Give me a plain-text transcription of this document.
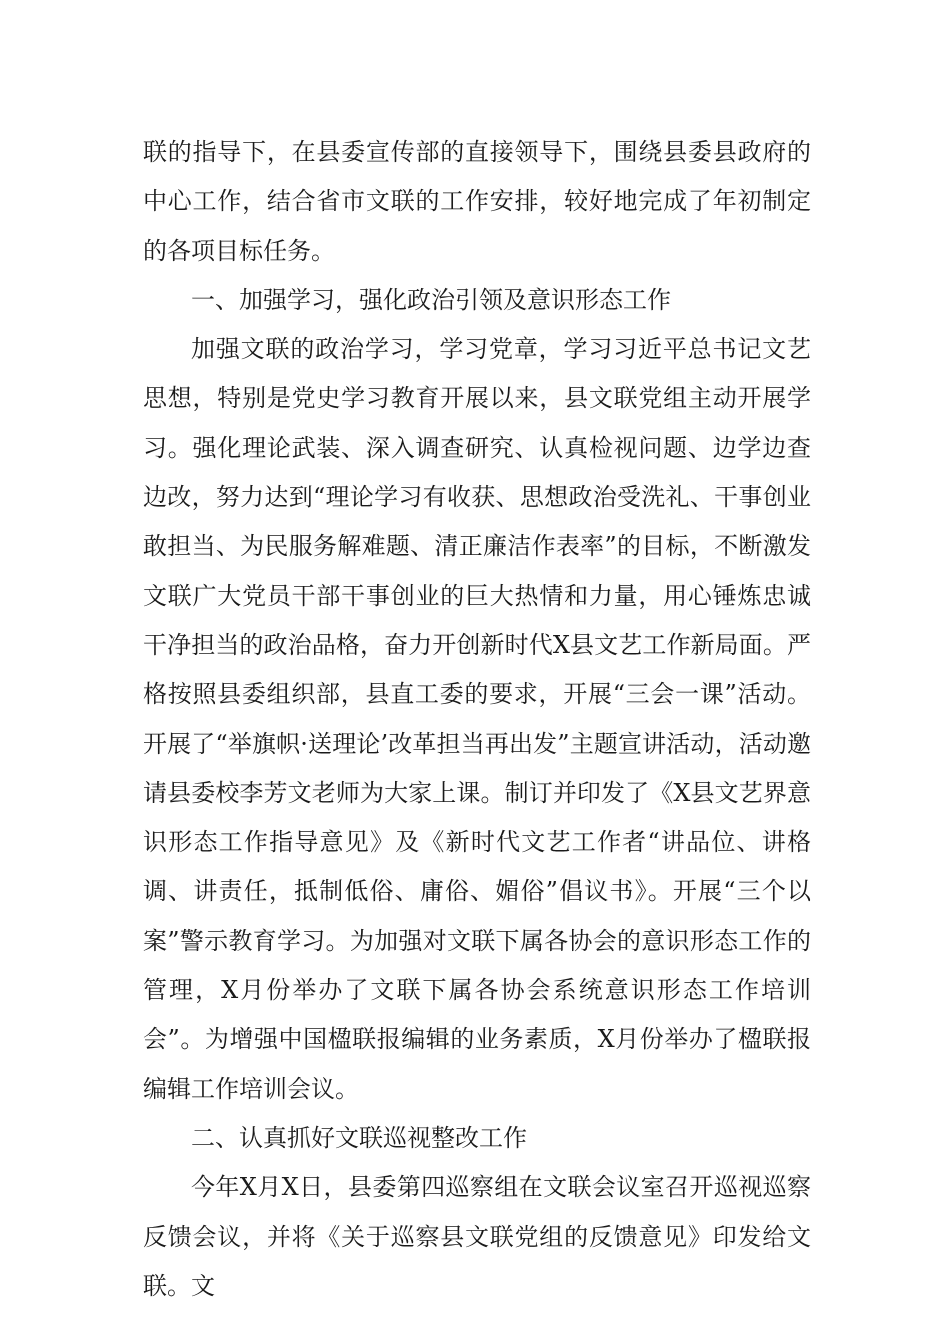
联的指导下，在县委宣传部的直接领导下，围绕县委县政府的中心工作，结合省市文联的工作安排，较好地完成了年初制定的各项目标任务。

一、加强学习，强化政治引领及意识形态工作

加强文联的政治学习，学习党章，学习习近平总书记文艺思想，特别是党史学习教育开展以来，县文联党组主动开展学习。强化理论武装、深入调查研究、认真检视问题、边学边查边改，努力达到“理论学习有收获、思想政治受洗礼、干事创业敢担当、为民服务解难题、清正廉洁作表率”的目标，不断激发文联广大党员干部干事创业的巨大热情和力量，用心锤炼忠诚干净担当的政治品格，奋力开创新时代X县文艺工作新局面。严格按照县委组织部，县直工委的要求，开展“三会一课”活动。开展了“举旗帜·送理论’改革担当再出发”主题宣讲活动，活动邀请县委校李芳文老师为大家上课。制订并印发了《X县文艺界意识形态工作指导意见》及《新时代文艺工作者“讲品位、讲格调、讲责任，抵制低俗、庸俗、媚俗”倡议书》。开展“三个以案”警示教育学习。为加强对文联下属各协会的意识形态工作的管理，X月份举办了文联下属各协会系统意识形态工作培训会”。为增强中国楹联报编辑的业务素质，X月份举办了楹联报编辑工作培训会议。

二、认真抓好文联巡视整改工作

今年X月X日，县委第四巡察组在文联会议室召开巡视巡察反馈会议，并将《关于巡察县文联党组的反馈意见》印发给文联。文
